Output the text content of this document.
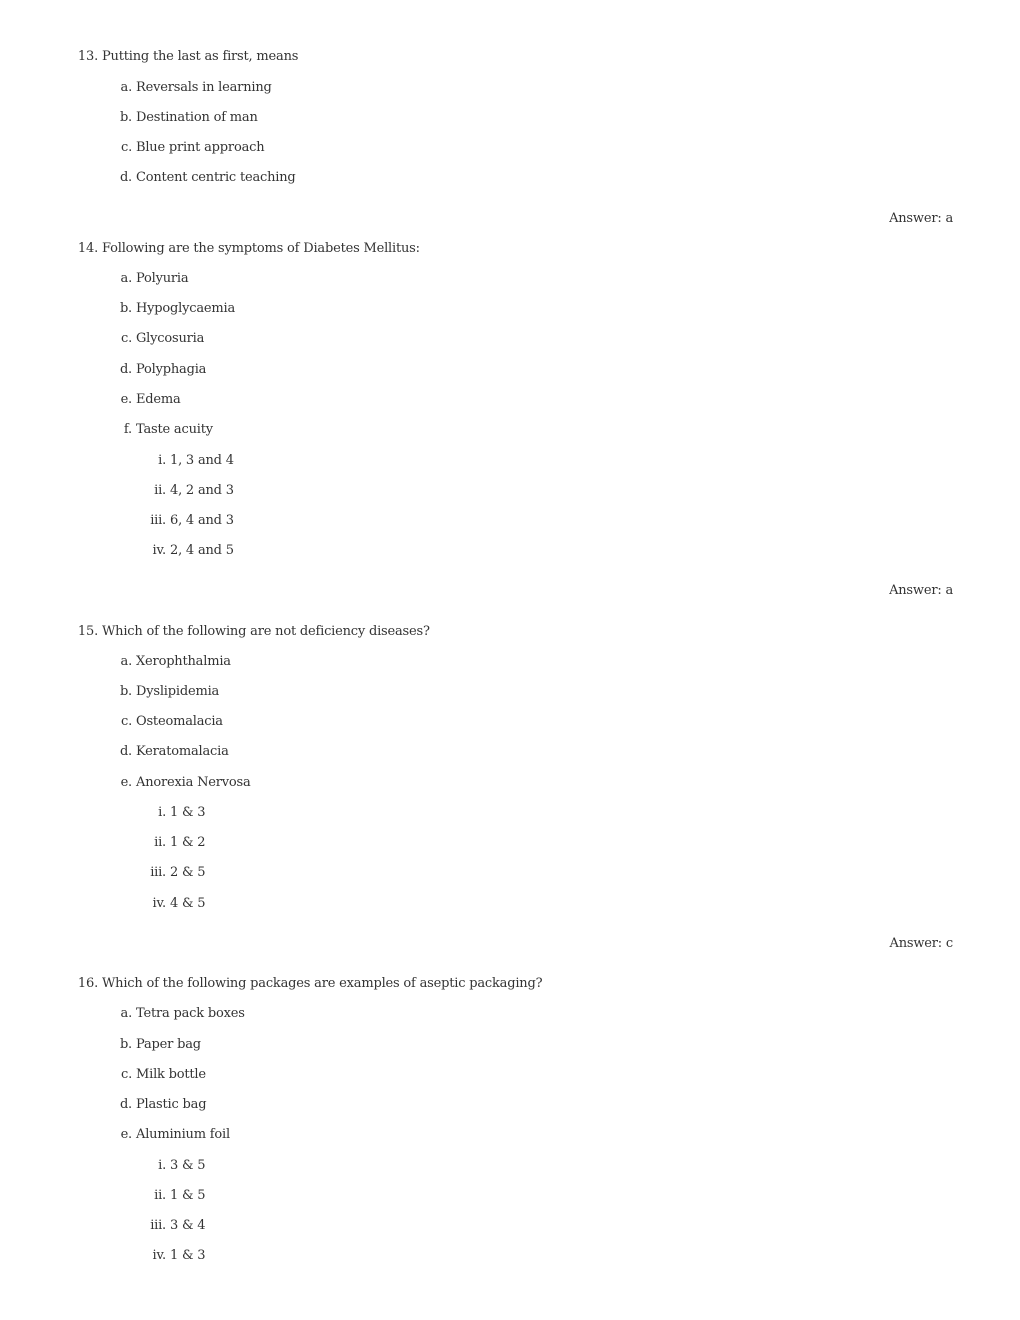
13. Putting the last as first, means
a. Reversals in learning
b. Destination of man
c. Blue print approach
d. Content centric teaching
Answer: a
14. Following are the symptoms of Diabetes Mellitus:
a. Polyuria
b. Hypoglycaemia
c. Glycosuria
d. Polyphagia
e. Edema
f. Taste acuity
i. 1, 3 and 4
ii. 4, 2 and 3
iii. 6, 4 and 3
iv. 2, 4 and 5
Answer: a
15. Which of the following are not deficiency diseases?
a. Xerophthalmia
b. Dyslipidemia
c. Osteomalacia
d. Keratomalacia
e. Anorexia Nervosa
i. 1 & 3
ii. 1 & 2
iii. 2 & 5
iv. 4 & 5
Answer: c
16. Which of the following packages are examples of aseptic packaging?
a. Tetra pack boxes
b. Paper bag
c. Milk bottle
d. Plastic bag
e. Aluminium foil
i. 3 & 5
ii. 1 & 5
iii. 3 & 4
iv. 1 & 3
